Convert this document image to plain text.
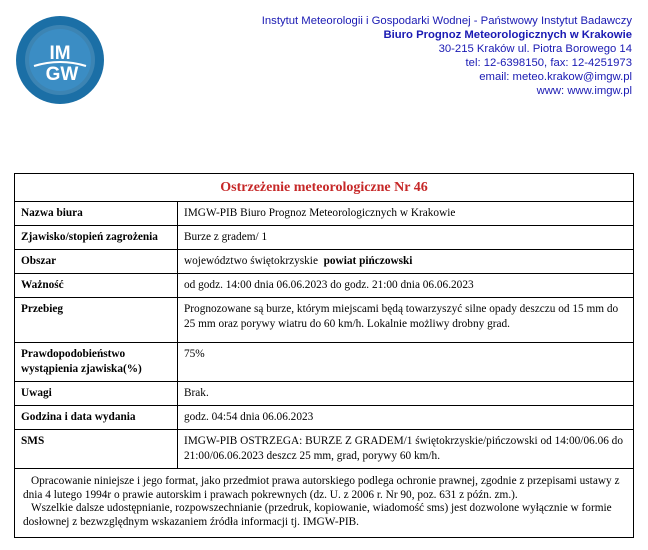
IM
GW
Instytut Meteorologii i Gospodarki Wodnej - Państwowy Instytut Badawczy
Biuro Prognoz Meteorologicznych w Krakowie
30-215 Kraków ul. Piotra Borowego 14
tel: 12-6398150, fax: 12-4251973
email: meteo.krakow@imgw.pl
www: www.imgw.pl
Ostrzeżenie meteorologiczne Nr 46
Nazwa biura	IMGW-PIB Biuro Prognoz Meteorologicznych w Krakowie
Zjawisko/stopień zagrożenia	Burze z gradem/ 1
Obszar	województwo świętokrzyskie powiat pińczowski
Ważność	od godz. 14:00 dnia 06.06.2023 do godz. 21:00 dnia 06.06.2023
Przebieg	Prognozowane są burze, którym miejscami będą towarzyszyć silne opady deszczu od 15 mm do 25 mm oraz porywy wiatru do 60 km/h. Lokalnie możliwy drobny grad.
Prawdopodobieństwo wystąpienia zjawiska(%)	75%
Uwagi	Brak.
Godzina i data wydania	godz. 04:54 dnia 06.06.2023
SMS	IMGW-PIB OSTRZEGA: BURZE Z GRADEM/1 świętokrzyskie/pińczowski od 14:00/06.06 do 21:00/06.06.2023 deszcz 25 mm, grad, porywy 60 km/h.

Opracowanie niniejsze i jego format, jako przedmiot prawa autorskiego podlega ochronie prawnej, zgodnie z przepisami ustawy z dnia 4 lutego 1994r o prawie autorskim i prawach pokrewnych (dz. U. z 2006 r. Nr 90, poz. 631 z późn. zm.).

Wszelkie dalsze udostępnianie, rozpowszechnianie (przedruk, kopiowanie, wiadomość sms) jest dozwolone wyłącznie w formie dosłownej z bezwzględnym wskazaniem źródła informacji tj. IMGW-PIB.
